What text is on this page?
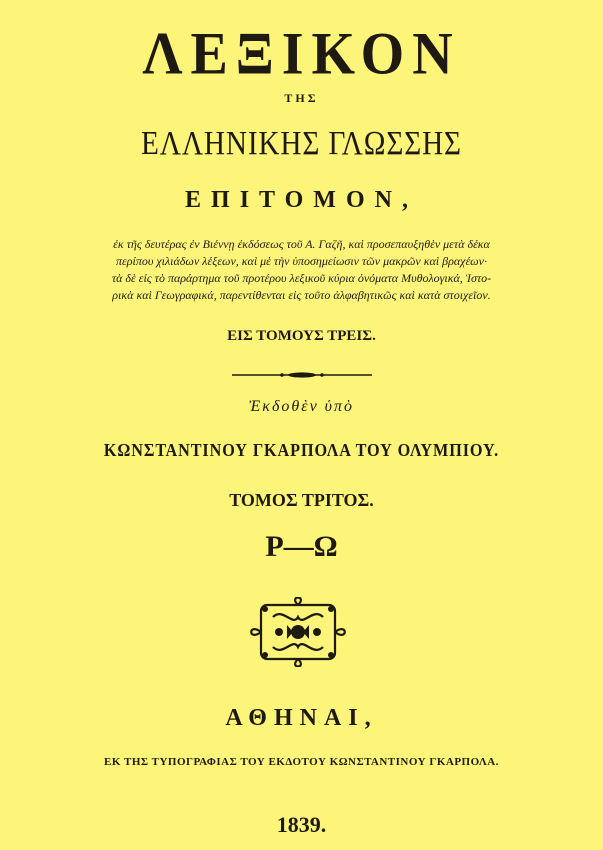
ΛΕΞΙΚΟΝ
ΤΗΣ
ΕΛΛΗΝΙΚΗΣ ΓΛΩΣΣΗΣ
ΕΠΙΤΟΜΟΝ,
ἐκ τῆς δευτέρας ἐν Βιέννῃ ἐκδόσεως τοῦ Α. Γαζῆ, καὶ προσεπαυξηθὲν μετὰ δέκα
περίπου χιλιάδων λέξεων, καὶ μὲ τὴν ὑποσημείωσιν τῶν μακρῶν καὶ βραχέων·
τὰ δὲ εἰς τὸ παράρτημα τοῦ προτέρου λεξικοῦ κύρια ὀνόματα Μυθολογικά, Ἱστο-
ρικὰ καὶ Γεωγραφικά, παρεντίθενται εἰς τοῦτο ἀλφαβητικῶς καὶ κατὰ στοιχεῖον.
ΕΙΣ ΤΟΜΟΥΣ ΤΡΕΙΣ.
Ἐκδοθὲν ὑπὸ
ΚΩΝΣΤΑΝΤΙΝΟΥ ΓΚΑΡΠΟΛΑ ΤΟΥ ΟΛΥΜΠΙΟΥ.
ΤΟΜΟΣ ΤΡΙΤΟΣ.
Ρ—Ω
ΑΘΗΝΑΙ,
ΕΚ ΤΗΣ ΤΥΠΟΓΡΑΦΙΑΣ ΤΟΥ ΕΚΔΟΤΟΥ ΚΩΝΣΤΑΝΤΙΝΟΥ ΓΚΑΡΠΟΛΑ.
1839.
